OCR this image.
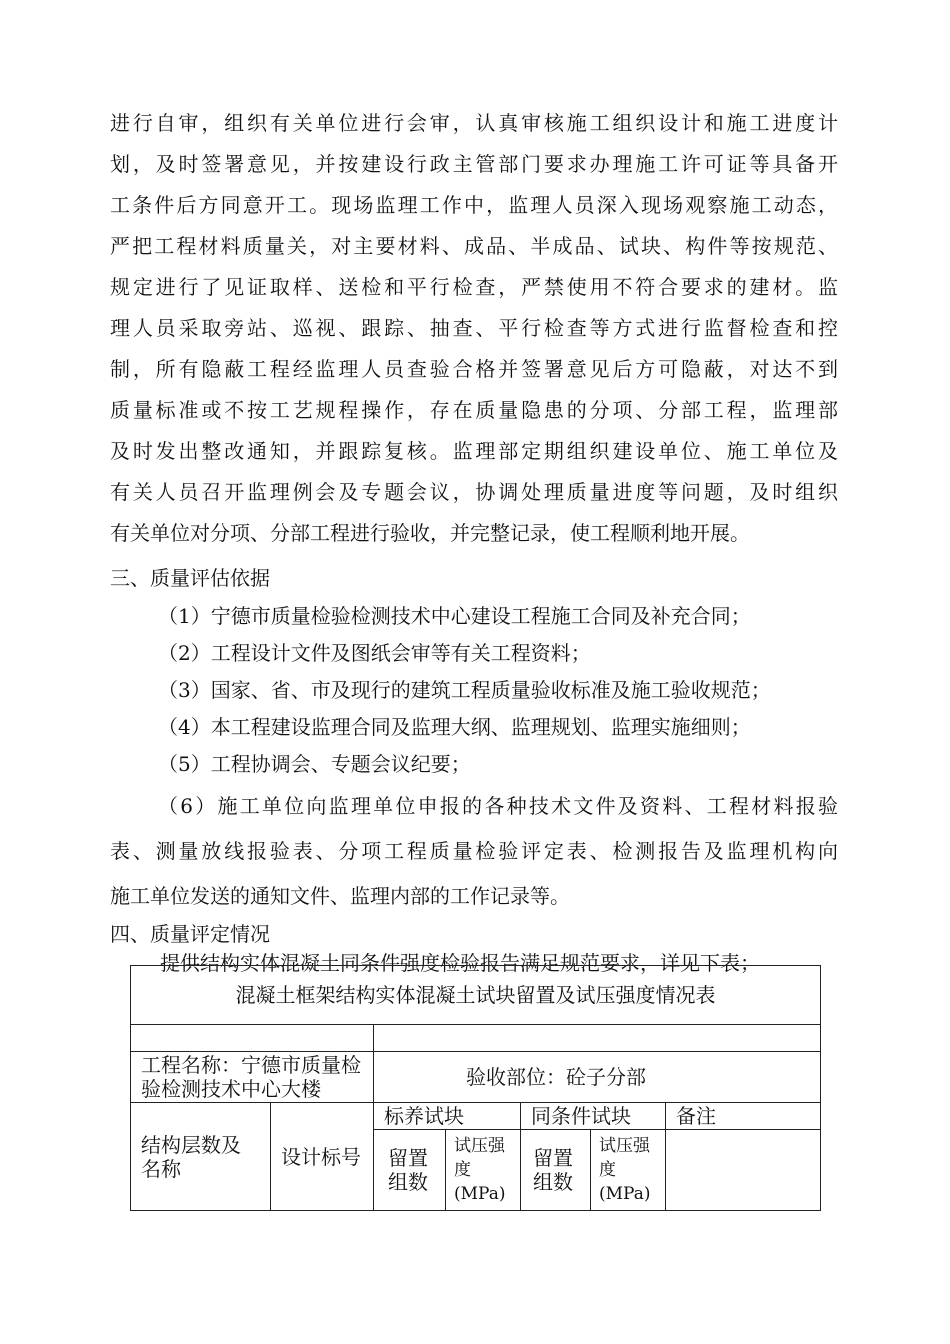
进行自审，组织有关单位进行会审，认真审核施工组织设计和施工进度计
划，及时签署意见，并按建设行政主管部门要求办理施工许可证等具备开
工条件后方同意开工。现场监理工作中，监理人员深入现场观察施工动态，
严把工程材料质量关，对主要材料、成品、半成品、试块、构件等按规范、
规定进行了见证取样、送检和平行检查，严禁使用不符合要求的建材。监
理人员采取旁站、巡视、跟踪、抽查、平行检查等方式进行监督检查和控
制，所有隐蔽工程经监理人员查验合格并签署意见后方可隐蔽，对达不到
质量标准或不按工艺规程操作，存在质量隐患的分项、分部工程，监理部
及时发出整改通知，并跟踪复核。监理部定期组织建设单位、施工单位及
有关人员召开监理例会及专题会议，协调处理质量进度等问题，及时组织
有关单位对分项、分部工程进行验收，并完整记录，使工程顺利地开展。
三、质量评估依据
（1）宁德市质量检验检测技术中心建设工程施工合同及补充合同；
（2）工程设计文件及图纸会审等有关工程资料；
（3）国家、省、市及现行的建筑工程质量验收标准及施工验收规范；
（4）本工程建设监理合同及监理大纲、监理规划、监理实施细则；
（5）工程协调会、专题会议纪要；
（6）施工单位向监理单位申报的各种技术文件及资料、工程材料报验
表、测量放线报验表、分项工程质量检验评定表、检测报告及监理机构向
施工单位发送的通知文件、监理内部的工作记录等。
四、质量评定情况
提供结构实体混凝土同条件强度检验报告满足规范要求，详见下表；
混凝土框架结构实体混凝土试块留置及试压强度情况表						

工程名称：宁德市质量检验检测技术中心大楼		验收部位：砼子分部				
结构层数及名称	设计标号	标养试块		同条件试块		备注
		留置组数	试压强度(MPa)	留置组数	试压强度(MPa)	
